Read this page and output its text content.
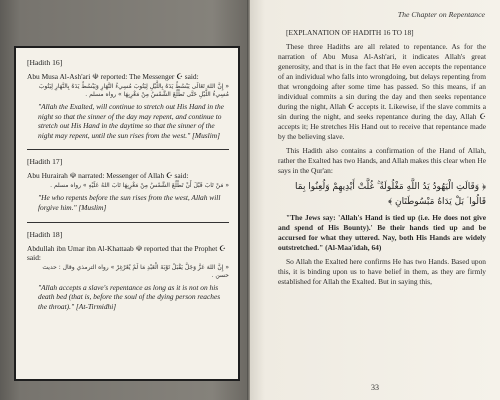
[Hadith 16]
Abu Musa Al-Ash'ari ☫ reported: The Messenger ☪ said:
« إِنَّ اللهَ تَعَالَى يَبْسُطُ يَدَهُ بِاللَّيْلِ لِيَتُوبَ مُسِيءُ النَّهَارِ وَيَبْسُطُ يَدَهُ بِالنَّهَارِ لِيَتُوبَ مُسِيءُ اللَّيْلِ حَتَّى تَطْلُعَ الشَّمْسُ مِنْ مَغْرِبِهَا » رواه مسلم .
"Allah the Exalted, will continue to stretch out His Hand in the night so that the sinner of the day may repent, and continue to stretch out His Hand in the daytime so that the sinner of the night may repent, until the sun rises from the west." [Muslim]
[Hadith 17]
Abu Hurairah ☫ narrated: Messenger of Allah ☪ said:
« مَنْ تَابَ قَبْلَ أَنْ تَطْلُعَ الشَّمْسُ مِنْ مَغْرِبِهَا تَابَ اللهُ عَلَيْهِ » رواه مسلم .
"He who repents before the sun rises from the west, Allah will forgive him." [Muslim]
[Hadith 18]
Abdullah ibn Umar ibn Al-Khattaab ☫ reported that the Prophet ☪ said:
« إِنَّ اللهَ عَزَّ وَجَلَّ يَقْبَلُ تَوْبَةَ الْعَبْدِ مَا لَمْ يُغَرْغِرْ » رواه الترمذي وقال : حديث حسن .
"Allah accepts a slave's repentance as long as it is not on his death bed (that is, before the soul of the dying person reaches the throat)." [At-Tirmidhi]
The Chapter on Repentance

[EXPLANATION OF HADITH 16 TO 18]

These three Hadiths are all related to repentance. As for the narration of Abu Musa Al-Ash'ari, it indicates Allah's great generosity, and that is in the fact that He even accepts the repentance of an individual who falls into wrongdoing, but delays repenting from that wrongdoing after some time has passed. So this means, if an individual commits a sin during the day and then seeks repentance during the night, Allah ☪ accepts it. Likewise, if the slave commits a sin during the night, and seeks repentance during the day, Allah ☪ accepts it; He stretches His Hand out to receive that repentance made by the believing slave.

This Hadith also contains a confirmation of the Hand of Allah, rather the Exalted has two Hands, and Allah makes this clear when He says in the Qur'an:

﴿ وَقَالَتِ الْيَهُودُ يَدُ اللَّهِ مَغْلُولَةٌ ۚ غُلَّتْ أَيْدِيهِمْ وَلُعِنُوا بِمَا قَالُوا ۘ بَلْ يَدَاهُ مَبْسُوطَتَانِ ﴾

"The Jews say: 'Allah's Hand is tied up (i.e. He does not give and spend of His Bounty).' Be their hands tied up and be accursed for what they uttered. Nay, both His Hands are widely outstretched." (Al-Maa'idah, 64)

So Allah the Exalted here confirms He has two Hands. Based upon this, it is binding upon us to have belief in them, as they are firmly established for Allah the Exalted. But in saying this,

33
